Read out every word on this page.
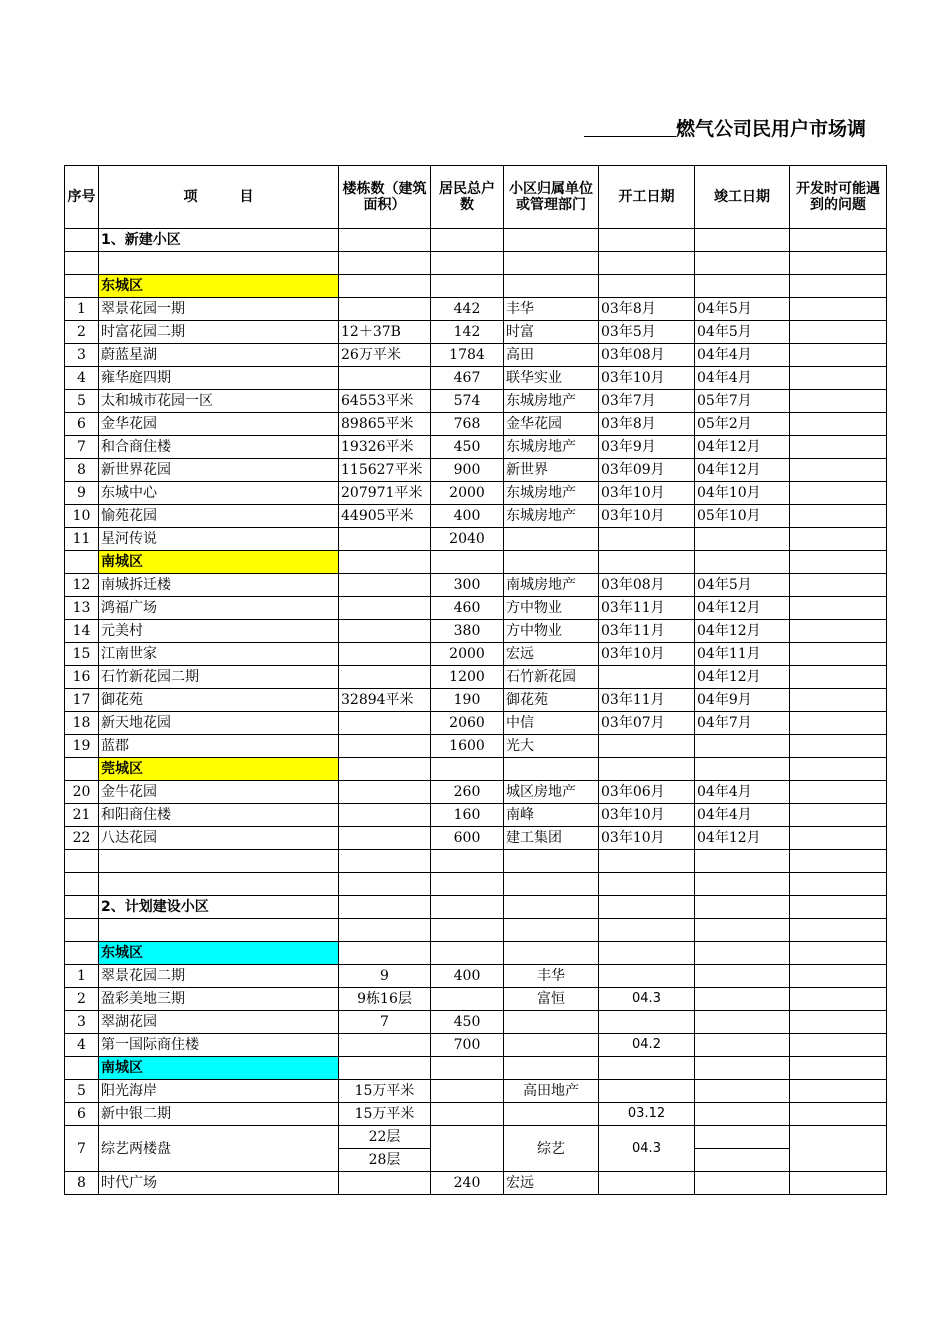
燃气公司民用户市场调
序号	项　　　目	楼栋数（建筑面积）	居民总户数	小区归属单位或管理部门	开工日期	竣工日期	开发时可能遇到的问题
	1、新建小区						

	东城区						
1	翠景花园一期		442	丰华	03年8月	04年5月	
2	时富花园二期	12＋37B	142	时富	03年5月	04年5月	
3	蔚蓝星湖	26万平米	1784	高田	03年08月	04年4月	
4	雍华庭四期		467	联华实业	03年10月	04年4月	
5	太和城市花园一区	64553平米	574	东城房地产	03年7月	05年7月	
6	金华花园	89865平米	768	金华花园	03年8月	05年2月	
7	和合商住楼	19326平米	450	东城房地产	03年9月	04年12月	
8	新世界花园	115627平米	900	新世界	03年09月	04年12月	
9	东城中心	207971平米	2000	东城房地产	03年10月	04年10月	
10	愉苑花园	44905平米	400	东城房地产	03年10月	05年10月	
11	星河传说		2040				
	南城区						
12	南城拆迁楼		300	南城房地产	03年08月	04年5月	
13	鸿福广场		460	方中物业	03年11月	04年12月	
14	元美村		380	方中物业	03年11月	04年12月	
15	江南世家		2000	宏远	03年10月	04年11月	
16	石竹新花园二期		1200	石竹新花园		04年12月	
17	御花苑	32894平米	190	御花苑	03年11月	04年9月	
18	新天地花园		2060	中信	03年07月	04年7月	
19	蓝郡		1600	光大			
	莞城区						
20	金牛花园		260	城区房地产	03年06月	04年4月	
21	和阳商住楼		160	南峰	03年10月	04年4月	
22	八达花园		600	建工集团	03年10月	04年12月	

	2、计划建设小区						

	东城区						
1	翠景花园二期	9	400	丰华			
2	盈彩美地三期	9栋16层		富恒	04.3		
3	翠湖花园	7	450				
4	第一国际商住楼		700		04.2		
	南城区						
5	阳光海岸	15万平米		高田地产			
6	新中银二期	15万平米			03.12		
7	综艺两楼盘	22层		综艺	04.3		
		28层					
8	时代广场		240	宏远			
